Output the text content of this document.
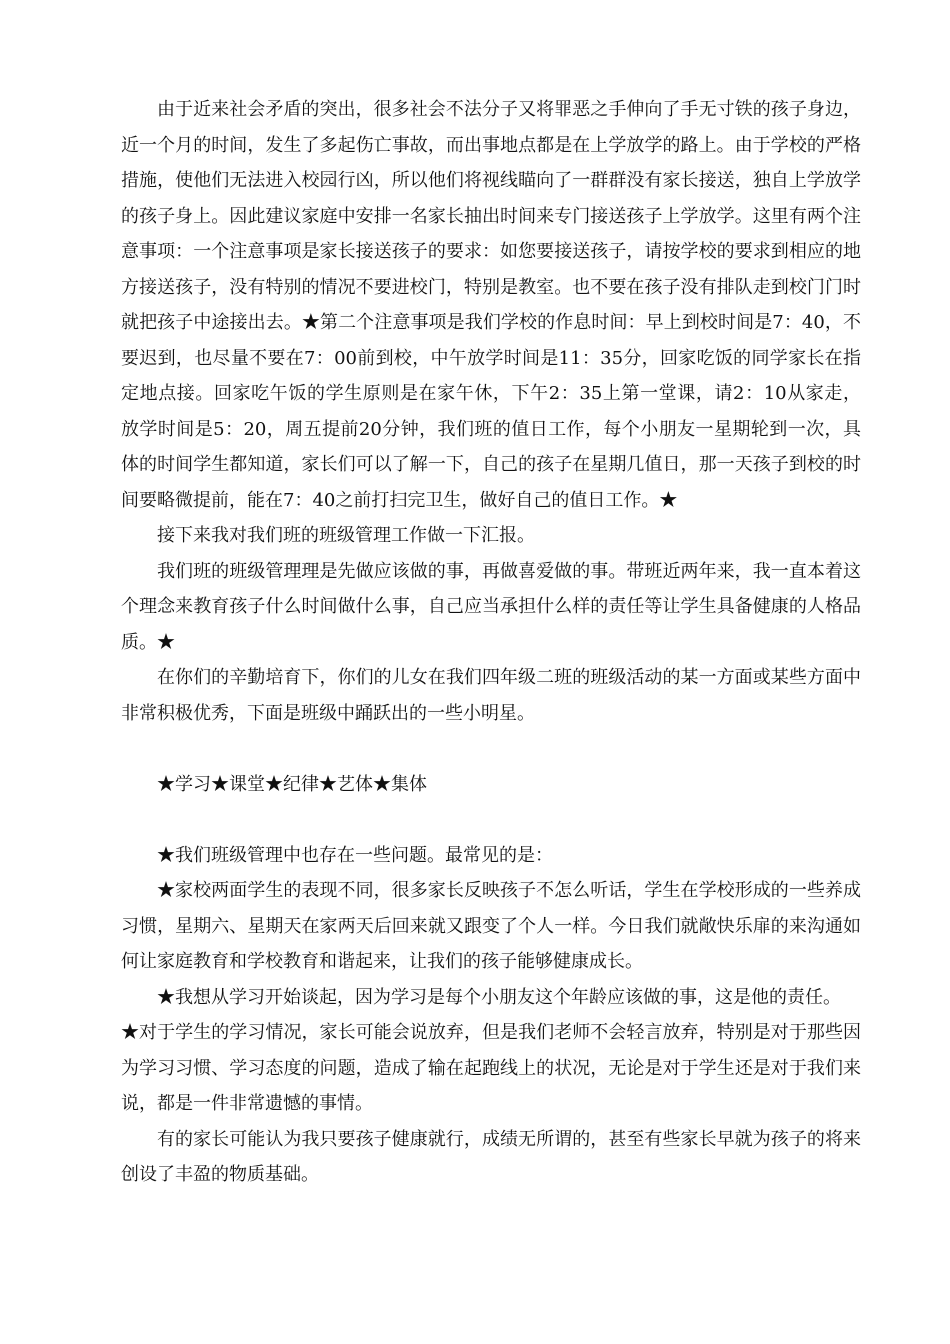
由于近来社会矛盾的突出，很多社会不法分子又将罪恶之手伸向了手无寸铁的孩子身边，近一个月的时间，发生了多起伤亡事故，而出事地点都是在上学放学的路上。由于学校的严格措施，使他们无法进入校园行凶，所以他们将视线瞄向了一群群没有家长接送，独自上学放学的孩子身上。因此建议家庭中安排一名家长抽出时间来专门接送孩子上学放学。这里有两个注意事项：一个注意事项是家长接送孩子的要求：如您要接送孩子，请按学校的要求到相应的地方接送孩子，没有特别的情况不要进校门，特别是教室。也不要在孩子没有排队走到校门门时就把孩子中途接出去。★第二个注意事项是我们学校的作息时间：早上到校时间是7：40，不要迟到，也尽量不要在7：00前到校，中午放学时间是11：35分，回家吃饭的同学家长在指定地点接。回家吃午饭的学生原则是在家午休，下午2：35上第一堂课，请2：10从家走， 放学时间是5：20，周五提前20分钟，我们班的值日工作，每个小朋友一星期轮到一次，具体的时间学生都知道，家长们可以了解一下，自己的孩子在星期几值日，那一天孩子到校的时间要略微提前，能在7：40之前打扫完卫生，做好自己的值日工作。★

接下来我对我们班的班级管理工作做一下汇报。

我们班的班级管理理是先做应该做的事，再做喜爱做的事。带班近两年来，我一直本着这个理念来教育孩子什么时间做什么事，自己应当承担什么样的责任等让学生具备健康的人格品质。★

在你们的辛勤培育下，你们的儿女在我们四年级二班的班级活动的某一方面或某些方面中非常积极优秀，下面是班级中踊跃出的一些小明星。

★学习★课堂★纪律★艺体★集体

★我们班级管理中也存在一些问题。最常见的是：

★家校两面学生的表现不同，很多家长反映孩子不怎么听话，学生在学校形成的一些养成习惯，星期六、星期天在家两天后回来就又跟变了个人一样。今日我们就敞快乐扉的来沟通如何让家庭教育和学校教育和谐起来，让我们的孩子能够健康成长。

★我想从学习开始谈起，因为学习是每个小朋友这个年龄应该做的事，这是他的责任。

★对于学生的学习情况，家长可能会说放弃，但是我们老师不会轻言放弃，特别是对于那些因为学习习惯、学习态度的问题，造成了输在起跑线上的状况，无论是对于学生还是对于我们来说，都是一件非常遗憾的事情。

有的家长可能认为我只要孩子健康就行，成绩无所谓的，甚至有些家长早就为孩子的将来创设了丰盈的物质基础。
